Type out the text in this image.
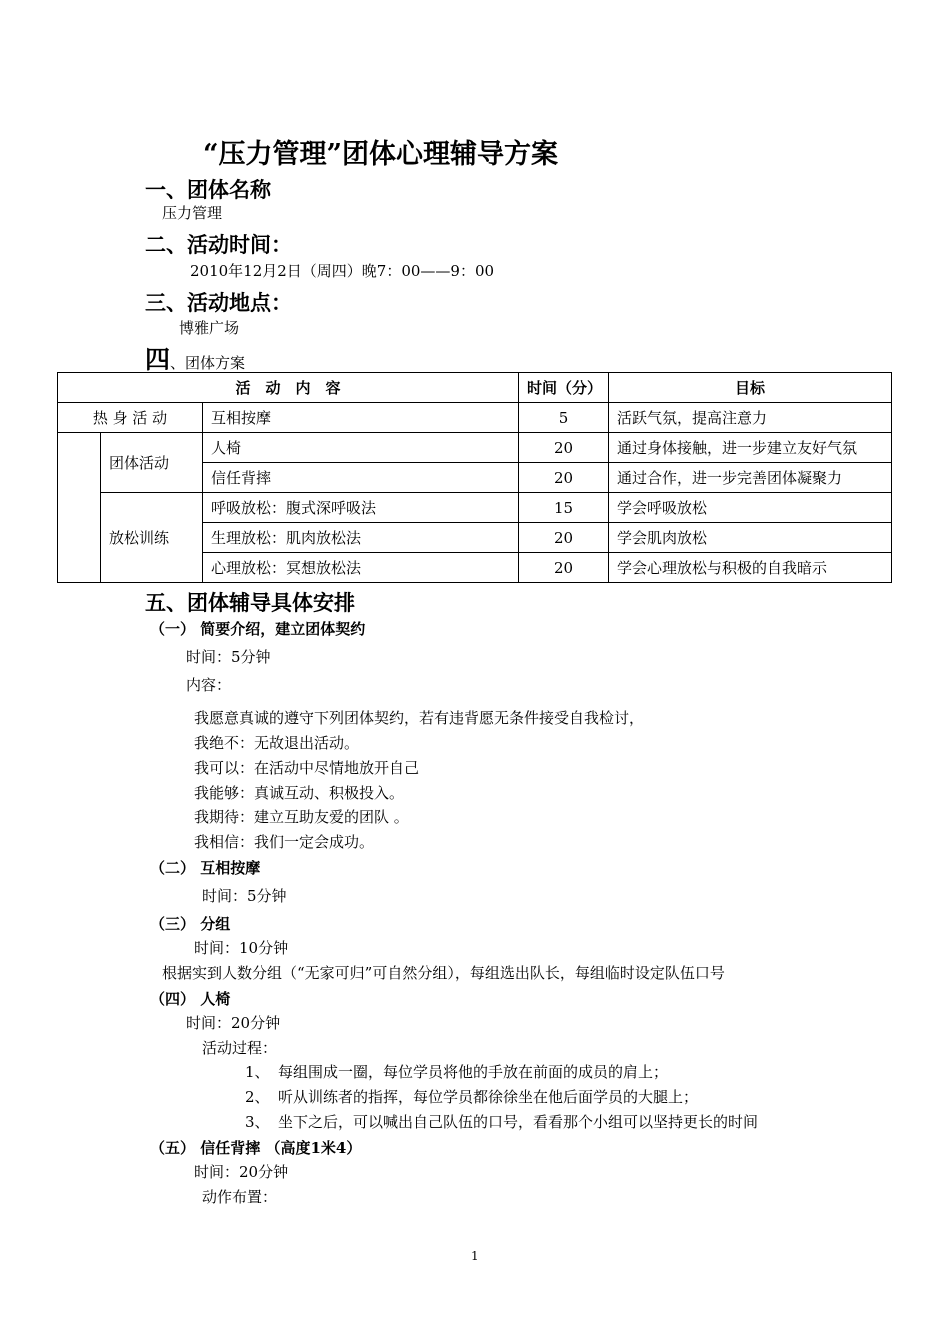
“压力管理”团体心理辅导方案
一、团体名称
压力管理
二、活动时间：
2010年12月2日（周四）晚7：00——9：00
三、活动地点：
博雅广场
四、团体方案
活　动　内　容			时间（分）	目标
热 身 活 动		互相按摩	5	活跃气氛，提高注意力
	团体活动	人椅	20	通过身体接触，进一步建立友好气氛
		信任背摔	20	通过合作，进一步完善团体凝聚力
	放松训练	呼吸放松：腹式深呼吸法	15	学会呼吸放松
		生理放松：肌肉放松法	20	学会肌肉放松
		心理放松：冥想放松法	20	学会心理放松与积极的自我暗示
五、团体辅导具体安排
（一） 简要介绍，建立团体契约
时间：5分钟
内容：
我愿意真诚的遵守下列团体契约，若有违背愿无条件接受自我检讨，
我绝不：无故退出活动。
我可以：在活动中尽情地放开自己
我能够：真诚互动、积极投入。
我期待：建立互助友爱的团队 。
我相信：我们一定会成功。
（二） 互相按摩
时间：5分钟
（三） 分组
时间：10分钟
根据实到人数分组（“无家可归”可自然分组），每组选出队长，每组临时设定队伍口号
（四） 人椅
时间：20分钟
活动过程：
1、 每组围成一圈，每位学员将他的手放在前面的成员的肩上；
2、 听从训练者的指挥，每位学员都徐徐坐在他后面学员的大腿上；
3、 坐下之后，可以喊出自己队伍的口号，看看那个小组可以坚持更长的时间
（五） 信任背摔 （高度1米4）
时间：20分钟
动作布置：
1
